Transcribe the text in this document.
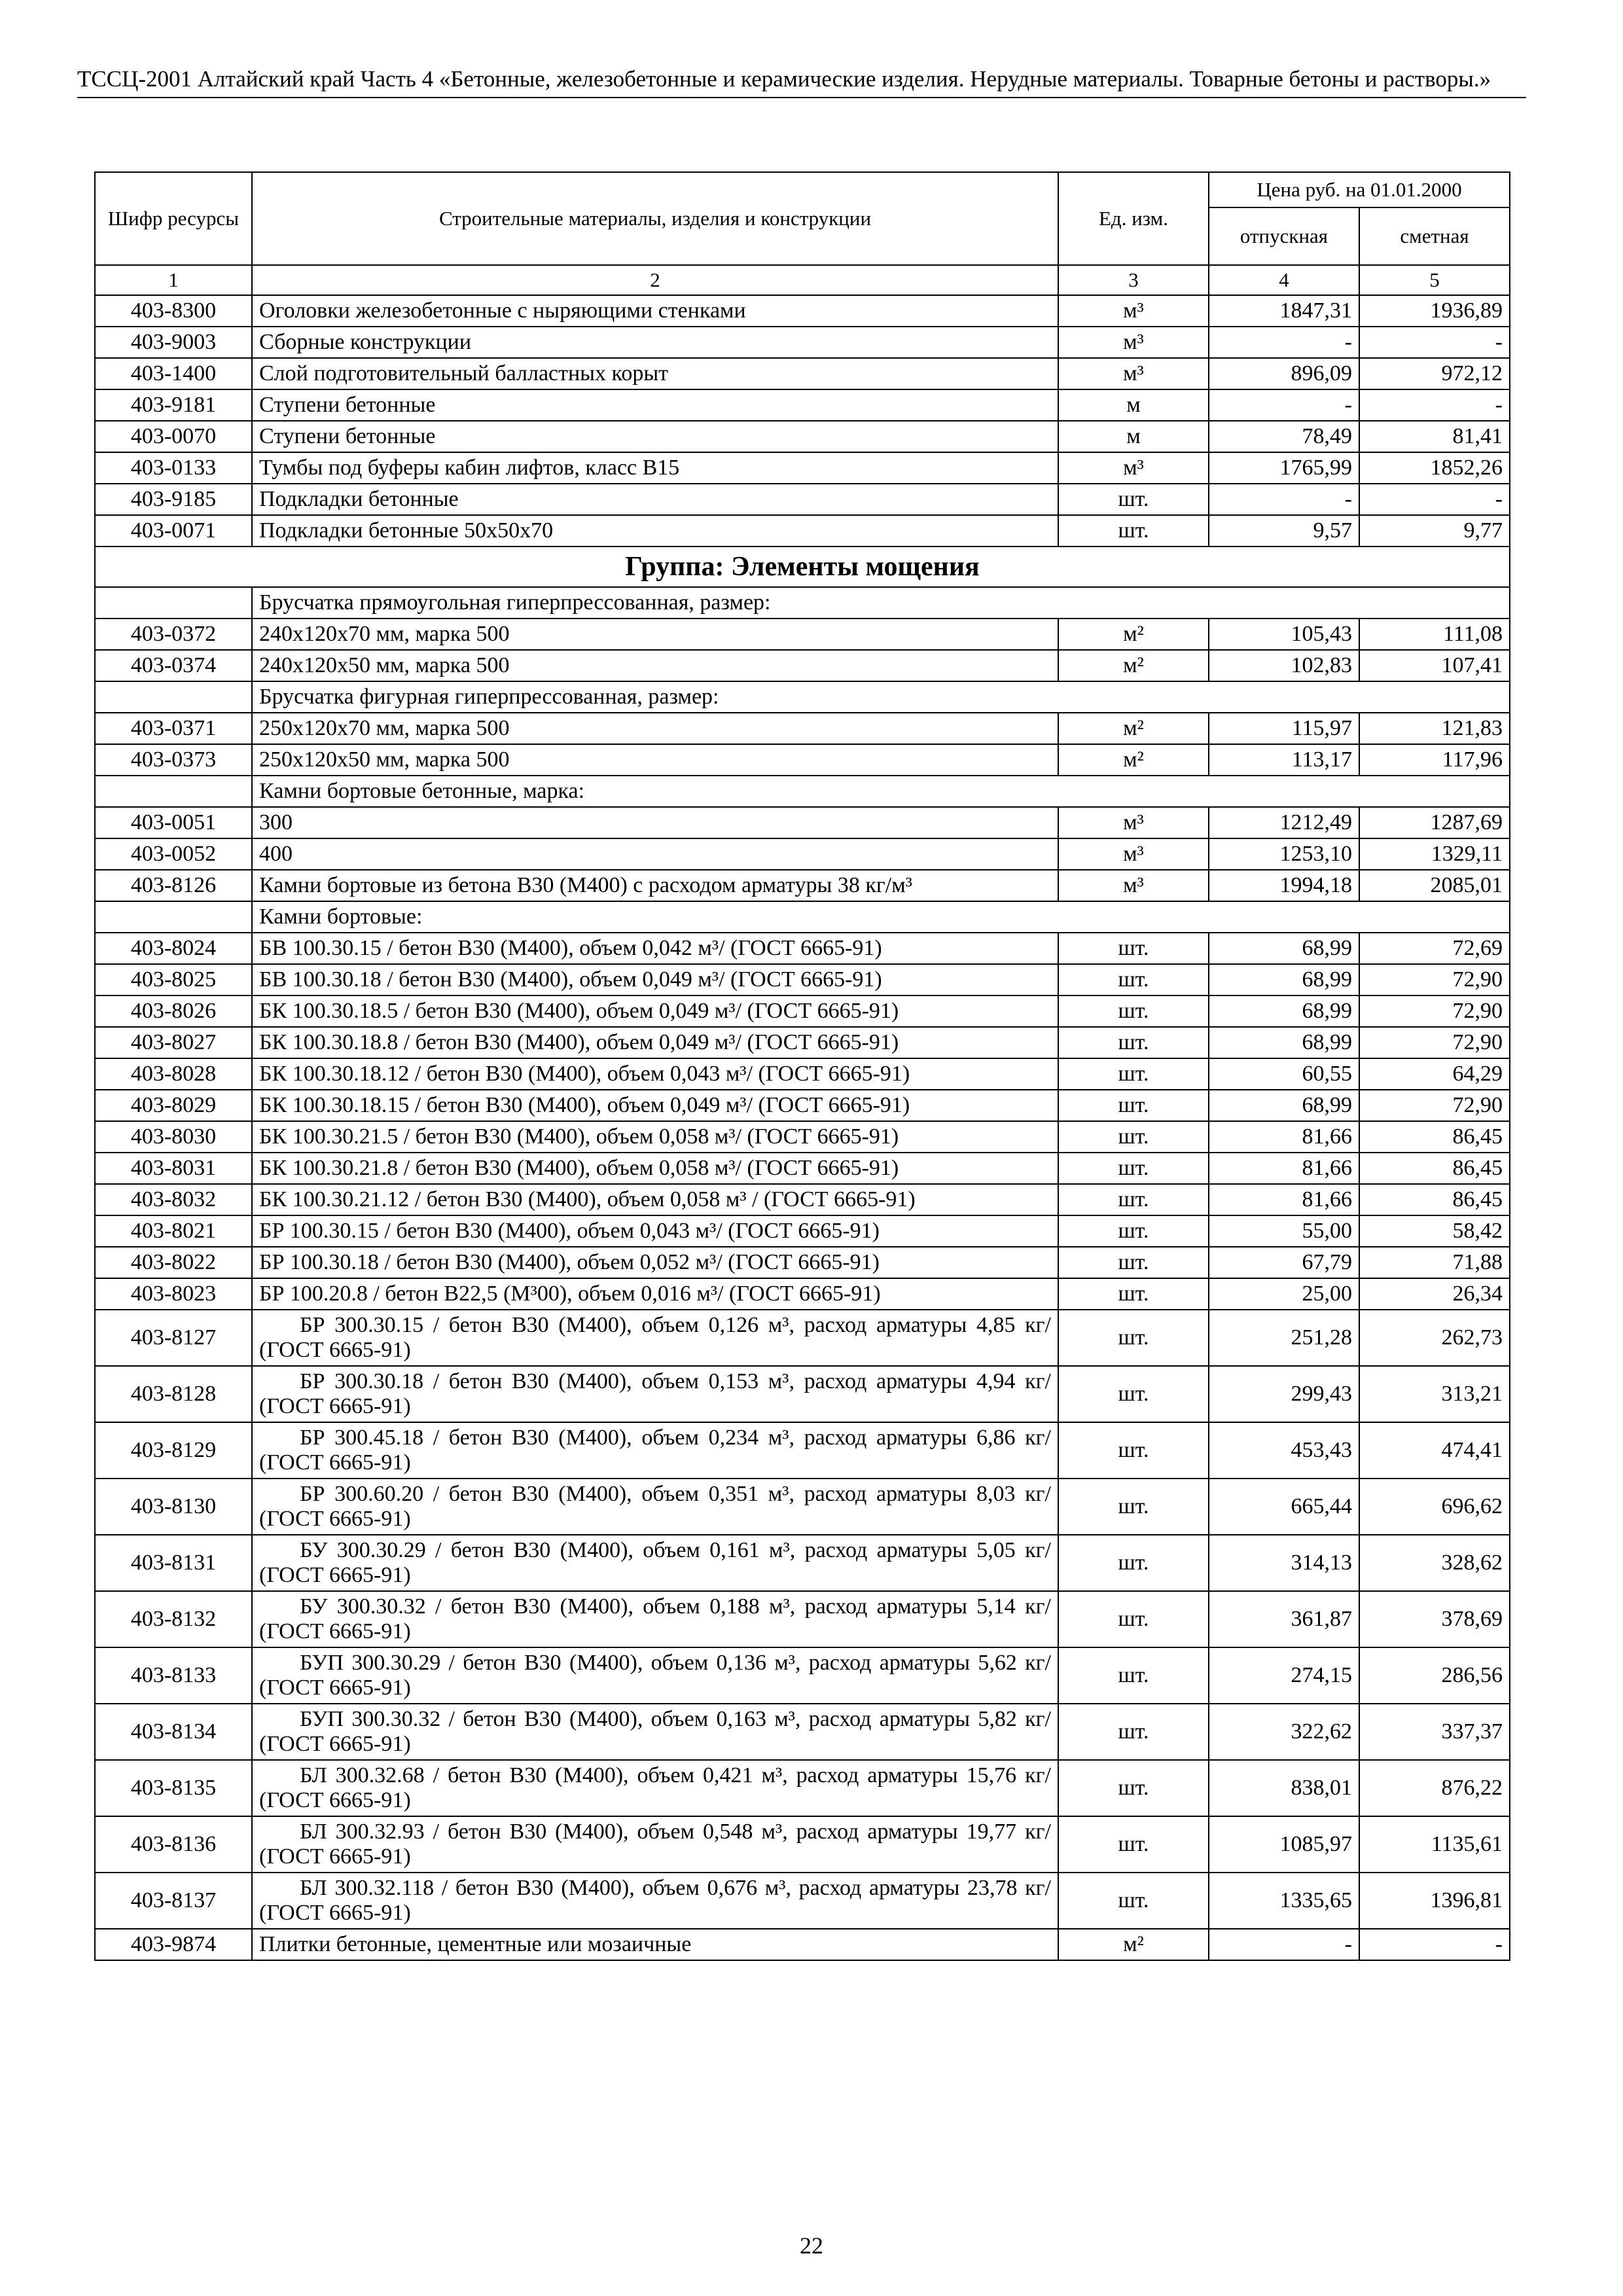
ТССЦ-2001 Алтайский край Часть 4 «Бетонные, железобетонные и керамические изделия. Нерудные материалы. Товарные бетоны и растворы.»
Шифр ресурсы	Строительные материалы, изделия и конструкции	Ед. изм.	Цена руб. на 01.01.2000	
			отпускная	сметная
1	2	3	4	5
403-8300	Оголовки железобетонные с ныряющими стенками	м³	1847,31	1936,89
403-9003	Сборные конструкции	м³	-	-
403-1400	Слой подготовительный балластных корыт	м³	896,09	972,12
403-9181	Ступени бетонные	м	-	-
403-0070	Ступени бетонные	м	78,49	81,41
403-0133	Тумбы под буферы кабин лифтов, класс В15	м³	1765,99	1852,26
403-9185	Подкладки бетонные	шт.	-	-
403-0071	Подкладки бетонные 50х50х70	шт.	9,57	9,77
Группа: Элементы мощения				
	Брусчатка прямоугольная гиперпрессованная, размер:			
403-0372	240х120х70 мм, марка 500	м²	105,43	111,08
403-0374	240х120х50 мм, марка 500	м²	102,83	107,41
	Брусчатка фигурная гиперпрессованная, размер:			
403-0371	250х120х70 мм, марка 500	м²	115,97	121,83
403-0373	250х120х50 мм, марка 500	м²	113,17	117,96
	Камни бортовые бетонные, марка:			
403-0051	300	м³	1212,49	1287,69
403-0052	400	м³	1253,10	1329,11
403-8126	Камни бортовые из бетона В30 (М400) с расходом арматуры 38 кг/м³	м³	1994,18	2085,01
	Камни бортовые:			
403-8024	БВ 100.30.15 / бетон В30 (М400), объем 0,042 м³/ (ГОСТ 6665-91)	шт.	68,99	72,69
403-8025	БВ 100.30.18 / бетон В30 (М400), объем 0,049 м³/ (ГОСТ 6665-91)	шт.	68,99	72,90
403-8026	БК 100.30.18.5 / бетон В30 (М400), объем 0,049 м³/ (ГОСТ 6665-91)	шт.	68,99	72,90
403-8027	БК 100.30.18.8 / бетон В30 (М400), объем 0,049 м³/ (ГОСТ 6665-91)	шт.	68,99	72,90
403-8028	БК 100.30.18.12 / бетон В30 (М400), объем 0,043 м³/ (ГОСТ 6665-91)	шт.	60,55	64,29
403-8029	БК 100.30.18.15 / бетон В30 (М400), объем 0,049 м³/ (ГОСТ 6665-91)	шт.	68,99	72,90
403-8030	БК 100.30.21.5 / бетон В30 (М400), объем 0,058 м³/ (ГОСТ 6665-91)	шт.	81,66	86,45
403-8031	БК 100.30.21.8 / бетон В30 (М400), объем 0,058 м³/ (ГОСТ 6665-91)	шт.	81,66	86,45
403-8032	БК 100.30.21.12 / бетон В30 (М400), объем 0,058 м³ / (ГОСТ 6665-91)	шт.	81,66	86,45
403-8021	БР 100.30.15 / бетон В30 (М400), объем 0,043 м³/ (ГОСТ 6665-91)	шт.	55,00	58,42
403-8022	БР 100.30.18 / бетон В30 (М400), объем 0,052 м³/ (ГОСТ 6665-91)	шт.	67,79	71,88
403-8023	БР 100.20.8 / бетон В22,5 (М³00), объем 0,016 м³/ (ГОСТ 6665-91)	шт.	25,00	26,34
403-8127	БР 300.30.15 / бетон В30 (М400), объем 0,126 м³, расход арматуры 4,85 кг/ (ГОСТ 6665-91)	шт.	251,28	262,73
403-8128	БР 300.30.18 / бетон В30 (М400), объем 0,153 м³, расход арматуры 4,94 кг/ (ГОСТ 6665-91)	шт.	299,43	313,21
403-8129	БР 300.45.18 / бетон В30 (М400), объем 0,234 м³, расход арматуры 6,86 кг/ (ГОСТ 6665-91)	шт.	453,43	474,41
403-8130	БР 300.60.20 / бетон В30 (М400), объем 0,351 м³, расход арматуры 8,03 кг/ (ГОСТ 6665-91)	шт.	665,44	696,62
403-8131	БУ 300.30.29 / бетон В30 (М400), объем 0,161 м³, расход арматуры 5,05 кг/ (ГОСТ 6665-91)	шт.	314,13	328,62
403-8132	БУ 300.30.32 / бетон В30 (М400), объем 0,188 м³, расход арматуры 5,14 кг/ (ГОСТ 6665-91)	шт.	361,87	378,69
403-8133	БУП 300.30.29 / бетон В30 (М400), объем 0,136 м³, расход арматуры 5,62 кг/ (ГОСТ 6665-91)	шт.	274,15	286,56
403-8134	БУП 300.30.32 / бетон В30 (М400), объем 0,163 м³, расход арматуры 5,82 кг/ (ГОСТ 6665-91)	шт.	322,62	337,37
403-8135	БЛ 300.32.68 / бетон В30 (М400), объем 0,421 м³, расход арматуры 15,76 кг/ (ГОСТ 6665-91)	шт.	838,01	876,22
403-8136	БЛ 300.32.93 / бетон В30 (М400), объем 0,548 м³, расход арматуры 19,77 кг/ (ГОСТ 6665-91)	шт.	1085,97	1135,61
403-8137	БЛ 300.32.118 / бетон В30 (М400), объем 0,676 м³, расход арматуры 23,78 кг/ (ГОСТ 6665-91)	шт.	1335,65	1396,81
403-9874	Плитки бетонные, цементные или мозаичные	м²	-	-
22
